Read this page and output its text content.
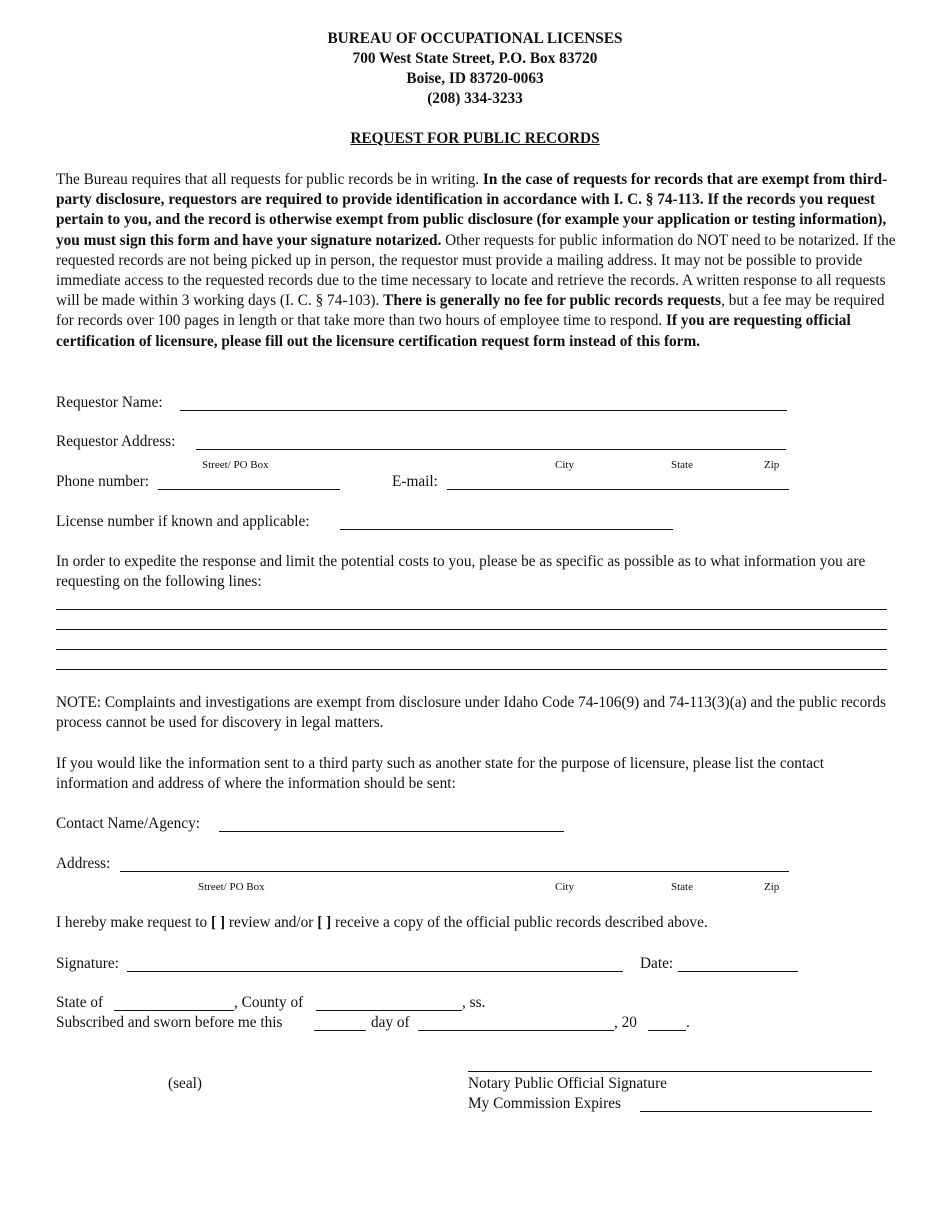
BUREAU OF OCCUPATIONAL LICENSES
700 West State Street, P.O. Box 83720
Boise, ID 83720-0063
(208) 334-3233
REQUEST FOR PUBLIC RECORDS
The Bureau requires that all requests for public records be in writing. In the case of requests for records that are exempt from third-party disclosure, requestors are required to provide identification in accordance with I. C. § 74-113. If the records you request pertain to you, and the record is otherwise exempt from public disclosure (for example your application or testing information), you must sign this form and have your signature notarized. Other requests for public information do NOT need to be notarized. If the requested records are not being picked up in person, the requestor must provide a mailing address. It may not be possible to provide immediate access to the requested records due to the time necessary to locate and retrieve the records. A written response to all requests will be made within 3 working days (I. C. § 74-103). There is generally no fee for public records requests, but a fee may be required for records over 100 pages in length or that take more than two hours of employee time to respond. If you are requesting official certification of licensure, please fill out the licensure certification request form instead of this form.
Requestor Name:
Requestor Address:
Street/ PO Box	City	State	Zip
Phone number:	E-mail:
License number if known and applicable:
In order to expedite the response and limit the potential costs to you, please be as specific as possible as to what information you are requesting on the following lines:
NOTE: Complaints and investigations are exempt from disclosure under Idaho Code 74-106(9) and 74-113(3)(a) and the public records process cannot be used for discovery in legal matters.
If you would like the information sent to a third party such as another state for the purpose of licensure, please list the contact information and address of where the information should be sent:
Contact Name/Agency:
Address:
Street/ PO Box	City	State	Zip
I hereby make request to [ ] review and/or [ ] receive a copy of the official public records described above.
Signature:	Date:
State of	, County of	, ss.
Subscribed and sworn before me this	day of	, 20	.
(seal)	Notary Public Official Signature
My Commission Expires
